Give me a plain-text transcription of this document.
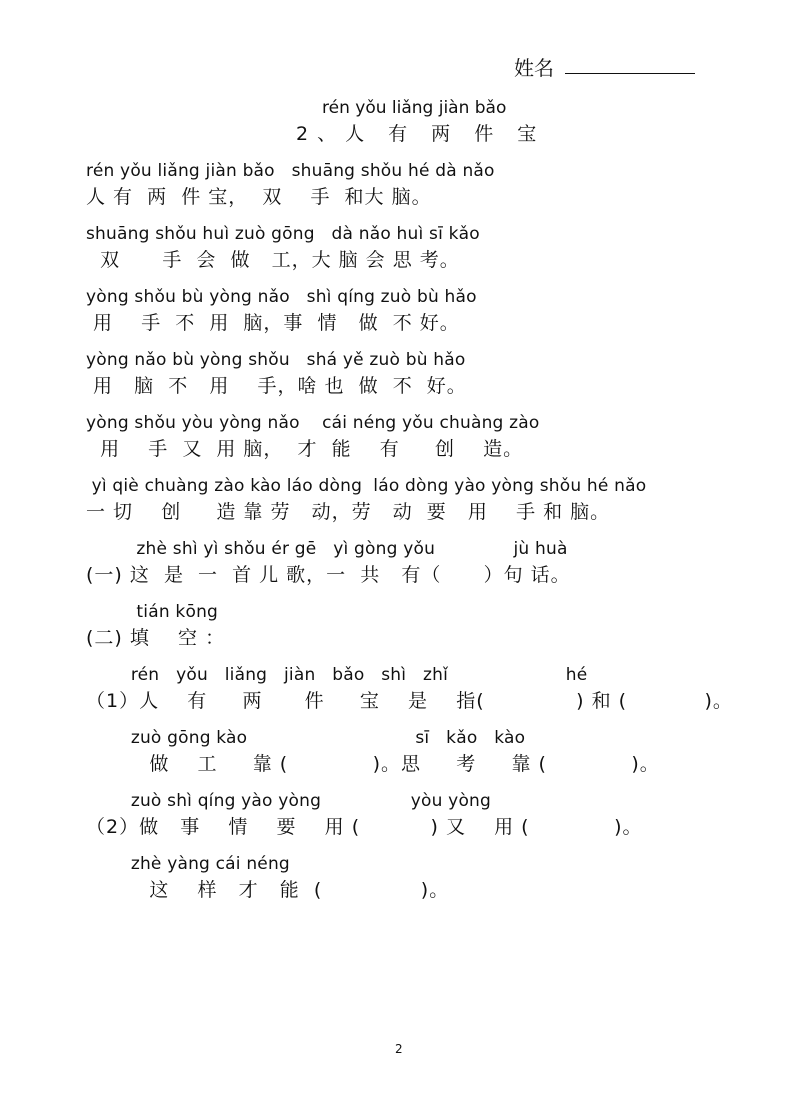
姓名
rén yǒu liǎng jiàn bǎo
2、人 有 两 件 宝
rén yǒu liǎng jiàn bǎo   shuāng shǒu hé dà nǎo
人 有  两  件 宝，  双    手  和大 脑。
shuāng shǒu huì zuò gōng   dà nǎo huì sī kǎo
双      手  会  做   工，大 脑 会 思 考。
yòng shǒu bù yòng nǎo   shì qíng zuò bù hǎo
用    手  不  用  脑，事  情   做  不 好。
yòng nǎo bù yòng shǒu   shá yě zuò bù hǎo
用   脑  不   用    手，啥 也  做  不  好。
yòng shǒu yòu yòng nǎo    cái néng yǒu chuàng zào
用    手  又  用 脑，  才  能    有     创    造。
yì qiè chuàng zào kào láo dòng  láo dòng yào yòng shǒu hé nǎo
一 切    创     造 靠 劳   动，劳   动  要   用    手 和 脑。
zhè shì yì shǒu ér gē   yì gòng yǒu              jù huà
(一) 这  是  一  首 儿 歌，一  共   有（      ）句 话。
tián kōng
(二) 填    空 ：
rén   yǒu   liǎng   jiàn   bǎo   shì   zhǐ                     hé
（1）人    有     两      件     宝    是    指(             ) 和 (           )。
zuò gōng kào                              sī   kǎo   kào
做    工     靠 (            )。思     考     靠 (            )。
zuò shì qíng yào yòng                yòu yòng
（2）做   事    情    要    用 (          ) 又    用 (            )。
zhè yàng cái néng
这    样   才   能  (              )。
2
